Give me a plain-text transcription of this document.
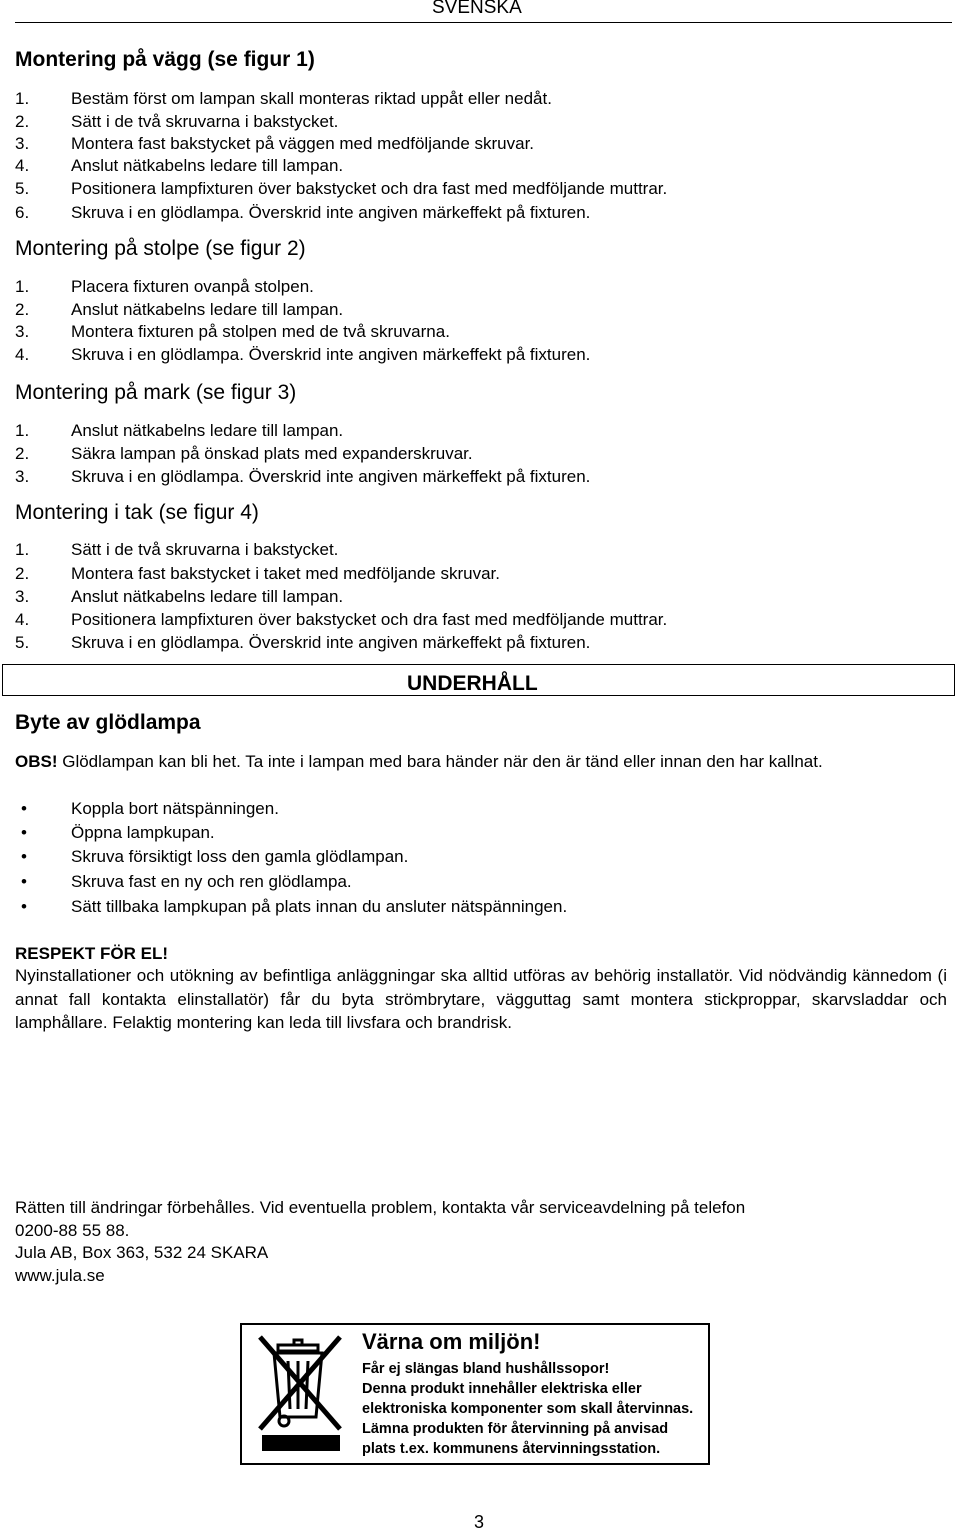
SVENSKA
Montering på vägg (se figur 1)
1. Bestäm först om lampan skall monteras riktad uppåt eller nedåt.
2. Sätt i de två skruvarna i bakstycket.
3. Montera fast bakstycket på väggen med medföljande skruvar.
4. Anslut nätkabelns ledare till lampan.
5. Positionera lampfixturen över bakstycket och dra fast med medföljande muttrar.
6. Skruva i en glödlampa. Överskrid inte angiven märkeffekt på fixturen.
Montering på stolpe (se figur 2)
1. Placera fixturen ovanpå stolpen.
2. Anslut nätkabelns ledare till lampan.
3. Montera fixturen på stolpen med de två skruvarna.
4. Skruva i en glödlampa. Överskrid inte angiven märkeffekt på fixturen.
Montering på mark (se figur 3)
1. Anslut nätkabelns ledare till lampan.
2. Säkra lampan på önskad plats med expanderskruvar.
3. Skruva i en glödlampa. Överskrid inte angiven märkeffekt på fixturen.
Montering i tak (se figur 4)
1. Sätt i de två skruvarna i bakstycket.
2. Montera fast bakstycket i taket med medföljande skruvar.
3. Anslut nätkabelns ledare till lampan.
4. Positionera lampfixturen över bakstycket och dra fast med medföljande muttrar.
5. Skruva i en glödlampa. Överskrid inte angiven märkeffekt på fixturen.
UNDERHÅLL
Byte av glödlampa
OBS! Glödlampan kan bli het. Ta inte i lampan med bara händer när den är tänd eller innan den har kallnat.
•	Koppla bort nätspänningen.
•	Öppna lampkupan.
•	Skruva försiktigt loss den gamla glödlampan.
•	Skruva fast en ny och ren glödlampa.
•	Sätt tillbaka lampkupan på plats innan du ansluter nätspänningen.
RESPEKT FÖR EL!
Nyinstallationer och utökning av befintliga anläggningar ska alltid utföras av behörig installatör. Vid nödvändig kännedom (i annat fall kontakta elinstallatör) får du byta strömbrytare, vägguttag samt montera stickproppar, skarvsladdar och lamphållare. Felaktig montering kan leda till livsfara och brandrisk.
Rätten till ändringar förbehålles. Vid eventuella problem, kontakta vår serviceavdelning på telefon
0200-88 55 88.
Jula AB, Box 363, 532 24 SKARA
www.jula.se
Värna om miljön!
Får ej slängas bland hushållssopor!
Denna produkt innehåller elektriska eller
elektroniska komponenter som skall återvinnas.
Lämna produkten för återvinning på anvisad
plats t.ex. kommunens återvinningsstation.
3
